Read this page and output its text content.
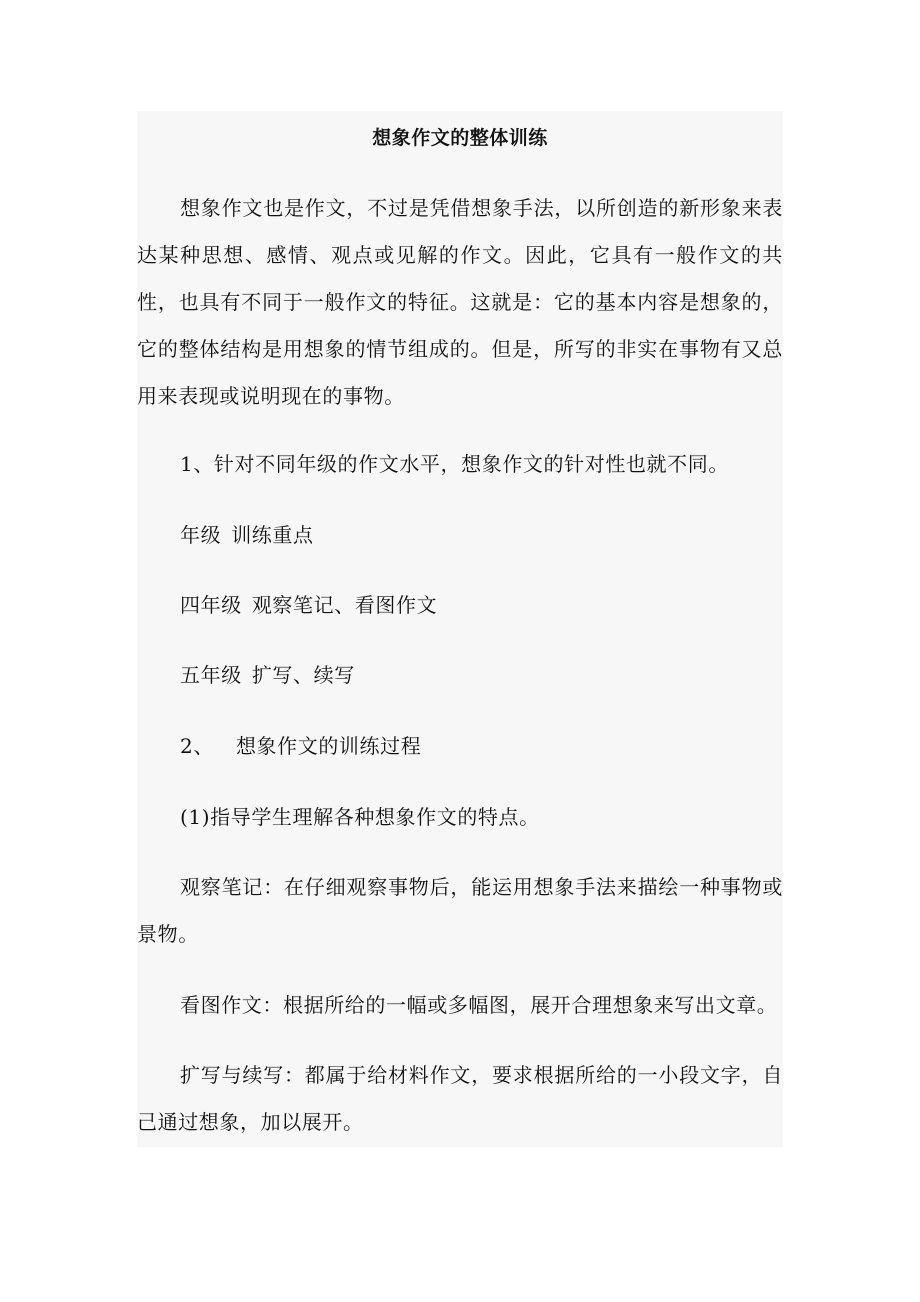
想象作文的整体训练
想象作文也是作文，不过是凭借想象手法，以所创造的新形象来表达某种思想、感情、观点或见解的作文。因此，它具有一般作文的共性，也具有不同于一般作文的特征。这就是：它的基本内容是想象的，它的整体结构是用想象的情节组成的。但是，所写的非实在事物有又总用来表现或说明现在的事物。
1、针对不同年级的作文水平，想象作文的针对性也就不同。
年级 训练重点
四年级 观察笔记、看图作文
五年级 扩写、续写
2、 想象作文的训练过程
(1)指导学生理解各种想象作文的特点。
观察笔记：在仔细观察事物后，能运用想象手法来描绘一种事物或景物。
看图作文：根据所给的一幅或多幅图，展开合理想象来写出文章。
扩写与续写：都属于给材料作文，要求根据所给的一小段文字，自己通过想象，加以展开。
